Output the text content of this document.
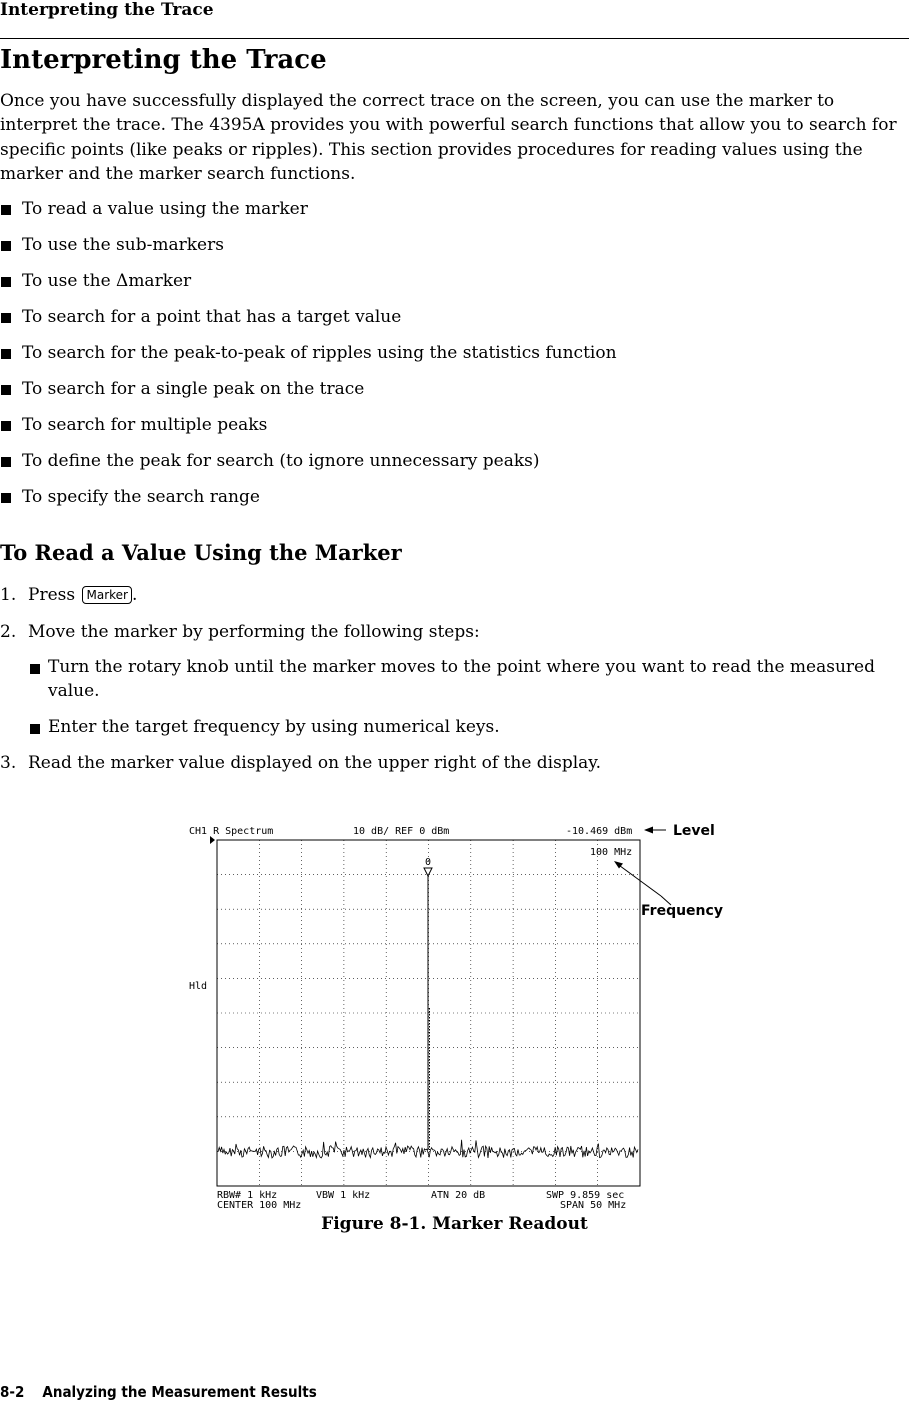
Interpreting the Trace
Interpreting the Trace

Once you have successfully displayed the correct trace on the screen, you can use the marker to interpret the trace. The 4395A provides you with powerful search functions that allow you to search for specific points (like peaks or ripples). This section provides procedures for reading values using the marker and the marker search functions.

To read a value using the marker
To use the sub-markers
To use the Δmarker
To search for a point that has a target value
To search for the peak-to-peak of ripples using the statistics function
To search for a single peak on the trace
To search for multiple peaks
To define the peak for search (to ignore unnecessary peaks)
To specify the search range
To Read a Value Using the Marker
1. Press Marker .
2. Move the marker by performing the following steps:
Turn the rotary knob until the marker moves to the point where you want to read the measured value.
Enter the target frequency by using numerical keys.
3. Read the marker value displayed on the upper right of the display.
CH1 R Spectrum	10 dB/ REF 0 dBm	-10.469 dBm
100 MHz
Hld
0
RBW# 1 kHz	VBW 1 kHz	ATN 20 dB	SWP 9.859 sec
CENTER 100 MHz	SPAN 50 MHz
Level
Frequency
Figure 8-1. Marker Readout
8-2 Analyzing the Measurement Results
